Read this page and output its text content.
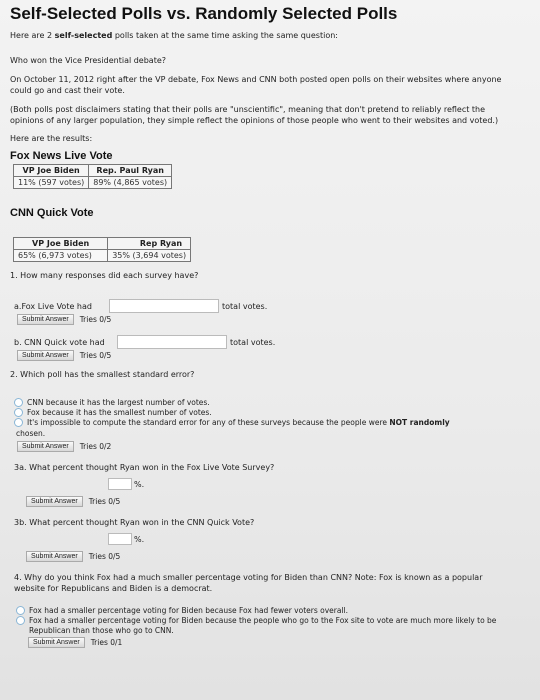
Self-Selected Polls vs. Randomly Selected Polls

Here are 2 self-selected polls taken at the same time asking the same question:

Who won the Vice Presidential debate?

On October 11, 2012 right after the VP debate, Fox News and CNN both posted open polls on their websites where anyone could go and cast their vote.

(Both polls post disclaimers stating that their polls are "unscientific", meaning that don't pretend to reliably reflect the opinions of any larger population, they simple reflect the opinions of those people who went to their websites and voted.)

Here are the results:

Fox News Live Vote
VP Joe Biden	Rep. Paul Ryan
11% (597 votes)	89% (4,865 votes)
CNN Quick Vote
VP Joe Biden	Rep Ryan
65% (6,973 votes)	35% (3,694 votes)

1. How many responses did each survey have?

a.Fox Live Vote had	total votes.
Submit Answer	Tries 0/5
b. CNN Quick vote had	total votes.
Submit Answer	Tries 0/5

2. Which poll has the smallest standard error?

CNN because it has the largest number of votes.
Fox because it has the smallest number of votes.
It's impossible to compute the standard error for any of these surveys because the people were NOT randomly
chosen.
Submit Answer	Tries 0/2

3a. What percent thought Ryan won in the Fox Live Vote Survey?

%.
Submit Answer	Tries 0/5

3b. What percent thought Ryan won in the CNN Quick Vote?

%.
Submit Answer	Tries 0/5

4. Why do you think Fox had a much smaller percentage voting for Biden than CNN? Note: Fox is known as a popular website for Republicans and Biden is a democrat.

Fox had a smaller percentage voting for Biden because Fox had fewer voters overall.
Fox had a smaller percentage voting for Biden because the people who go to the Fox site to vote are much more likely to be Republican than those who go to CNN.
Submit Answer	Tries 0/1
